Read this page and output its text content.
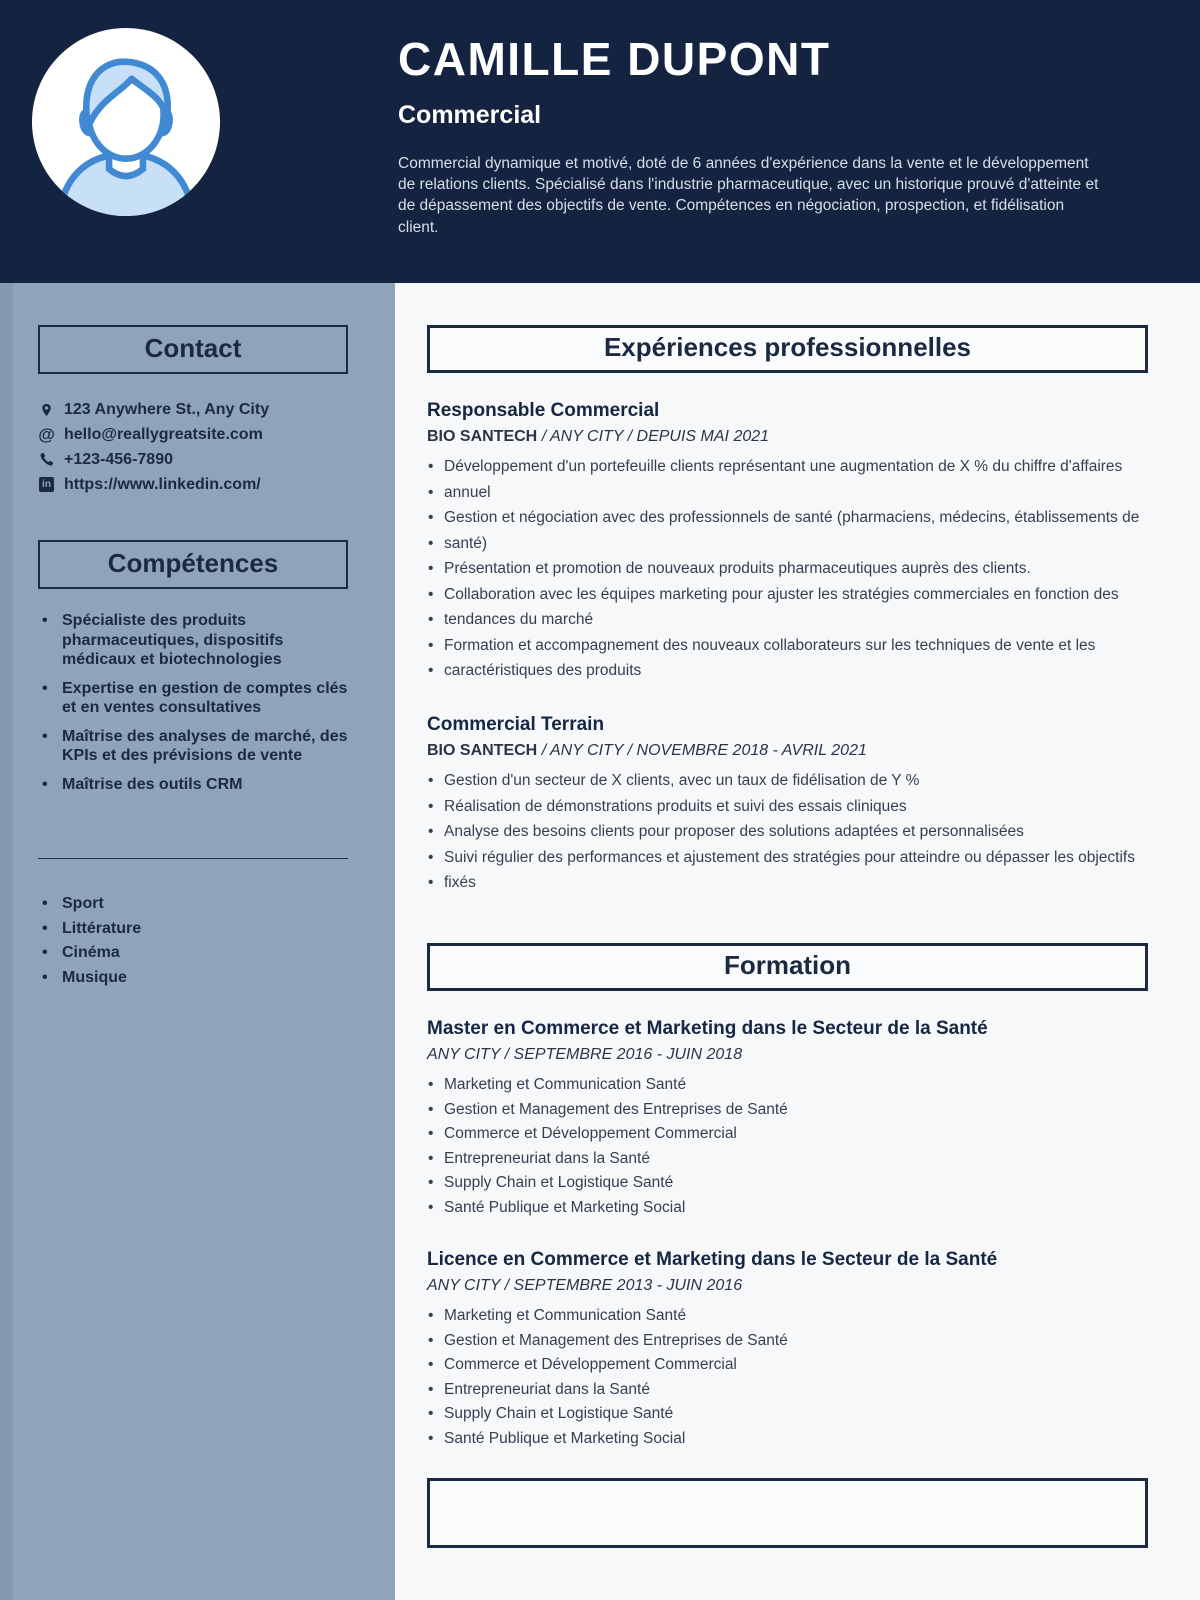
CAMILLE DUPONT
Commercial
Commercial dynamique et motivé, doté de 6 années d'expérience dans la vente et le développement de relations clients. Spécialisé dans l'industrie pharmaceutique, avec un historique prouvé d'atteinte et de dépassement des objectifs de vente. Compétences en négociation, prospection, et fidélisation client.
Contact
123 Anywhere St., Any City
@ hello@reallygreatsite.com
+123-456-7890
in https://www.linkedin.com/
Compétences
• Spécialiste des produits pharmaceutiques, dispositifs médicaux et biotechnologies
• Expertise en gestion de comptes clés et en ventes consultatives
• Maîtrise des analyses de marché, des KPIs et des prévisions de vente
• Maîtrise des outils CRM
• Sport
• Littérature
• Cinéma
• Musique
Expériences professionnelles
Responsable Commercial
BIO SANTECH / ANY CITY / DEPUIS MAI 2021
• Développement d'un portefeuille clients représentant une augmentation de X % du chiffre d'affaires
• annuel
• Gestion et négociation avec des professionnels de santé (pharmaciens, médecins, établissements de
• santé)
• Présentation et promotion de nouveaux produits pharmaceutiques auprès des clients.
• Collaboration avec les équipes marketing pour ajuster les stratégies commerciales en fonction des
• tendances du marché
• Formation et accompagnement des nouveaux collaborateurs sur les techniques de vente et les
• caractéristiques des produits
Commercial Terrain
BIO SANTECH / ANY CITY / NOVEMBRE 2018 - AVRIL 2021
• Gestion d'un secteur de X clients, avec un taux de fidélisation de Y %
• Réalisation de démonstrations produits et suivi des essais cliniques
• Analyse des besoins clients pour proposer des solutions adaptées et personnalisées
• Suivi régulier des performances et ajustement des stratégies pour atteindre ou dépasser les objectifs
• fixés
Formation
Master en Commerce et Marketing dans le Secteur de la Santé
ANY CITY / SEPTEMBRE 2016 - JUIN 2018
• Marketing et Communication Santé
• Gestion et Management des Entreprises de Santé
• Commerce et Développement Commercial
• Entrepreneuriat dans la Santé
• Supply Chain et Logistique Santé
• Santé Publique et Marketing Social
Licence en Commerce et Marketing dans le Secteur de la Santé
ANY CITY / SEPTEMBRE 2013 - JUIN 2016
• Marketing et Communication Santé
• Gestion et Management des Entreprises de Santé
• Commerce et Développement Commercial
• Entrepreneuriat dans la Santé
• Supply Chain et Logistique Santé
• Santé Publique et Marketing Social
